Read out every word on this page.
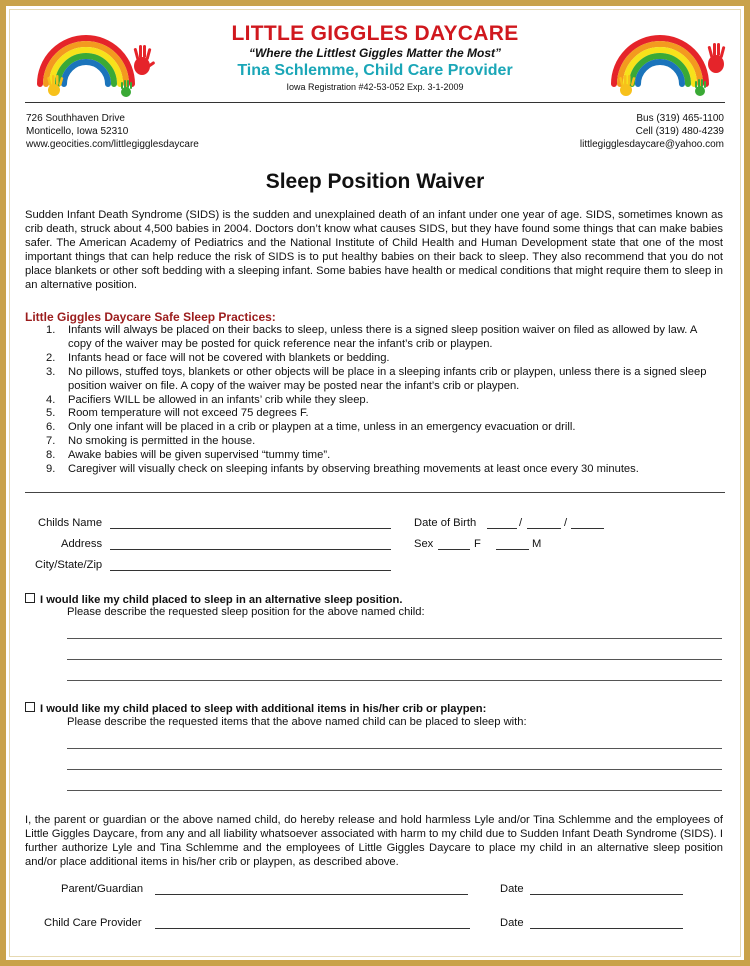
LITTLE GIGGLES DAYCARE
“Where the Littlest Giggles Matter the Most”
Tina Schlemme, Child Care Provider
Iowa Registration #42-53-052 Exp. 3-1-2009
726 Southhaven Drive
Monticello, Iowa 52310
www.geocities.com/littlegigglesdaycare
Bus (319) 465-1100
Cell (319) 480-4239
littlegigglesdaycare@yahoo.com
Sleep Position Waiver
Sudden Infant Death Syndrome (SIDS) is the sudden and unexplained death of an infant under one year of age. SIDS, sometimes known as crib death, struck about 4,500 babies in 2004. Doctors don’t know what causes SIDS, but they have found some things that can make babies safer. The American Academy of Pediatrics and the National Institute of Child Health and Human Development state that one of the most important things that can help reduce the risk of SIDS is to put healthy babies on their back to sleep. They also recommend that you do not place blankets or other soft bedding with a sleeping infant. Some babies have health or medical conditions that might require them to sleep in an alternative position.
Little Giggles Daycare Safe Sleep Practices:
1. Infants will always be placed on their backs to sleep, unless there is a signed sleep position waiver on filed as allowed by law. A copy of the waiver may be posted for quick reference near the infant’s crib or playpen.
2. Infants head or face will not be covered with blankets or bedding.
3. No pillows, stuffed toys, blankets or other objects will be place in a sleeping infants crib or playpen, unless there is a signed sleep position waiver on file. A copy of the waiver may be posted near the infant’s crib or playpen.
4. Pacifiers WILL be allowed in an infants’ crib while they sleep.
5. Room temperature will not exceed 75 degrees F.
6. Only one infant will be placed in a crib or playpen at a time, unless in an emergency evacuation or drill.
7. No smoking is permitted in the house.
8. Awake babies will be given supervised “tummy time”.
9. Caregiver will visually check on sleeping infants by observing breathing movements at least once every 30 minutes.
Childs Name
Address
City/State/Zip
Date of Birth	/	/
Sex	F	M
I would like my child placed to sleep in an alternative sleep position.
Please describe the requested sleep position for the above named child:
I would like my child placed to sleep with additional items in his/her crib or playpen:
Please describe the requested items that the above named child can be placed to sleep with:
I, the parent or guardian or the above named child, do hereby release and hold harmless Lyle and/or Tina Schlemme and the employees of Little Giggles Daycare, from any and all liability whatsoever associated with harm to my child due to Sudden Infant Death Syndrome (SIDS). I further authorize Lyle and Tina Schlemme and the employees of Little Giggles Daycare to place my child in an alternative sleep position and/or place additional items in his/her crib or playpen, as described above.
Parent/Guardian	Date
Child Care Provider	Date
